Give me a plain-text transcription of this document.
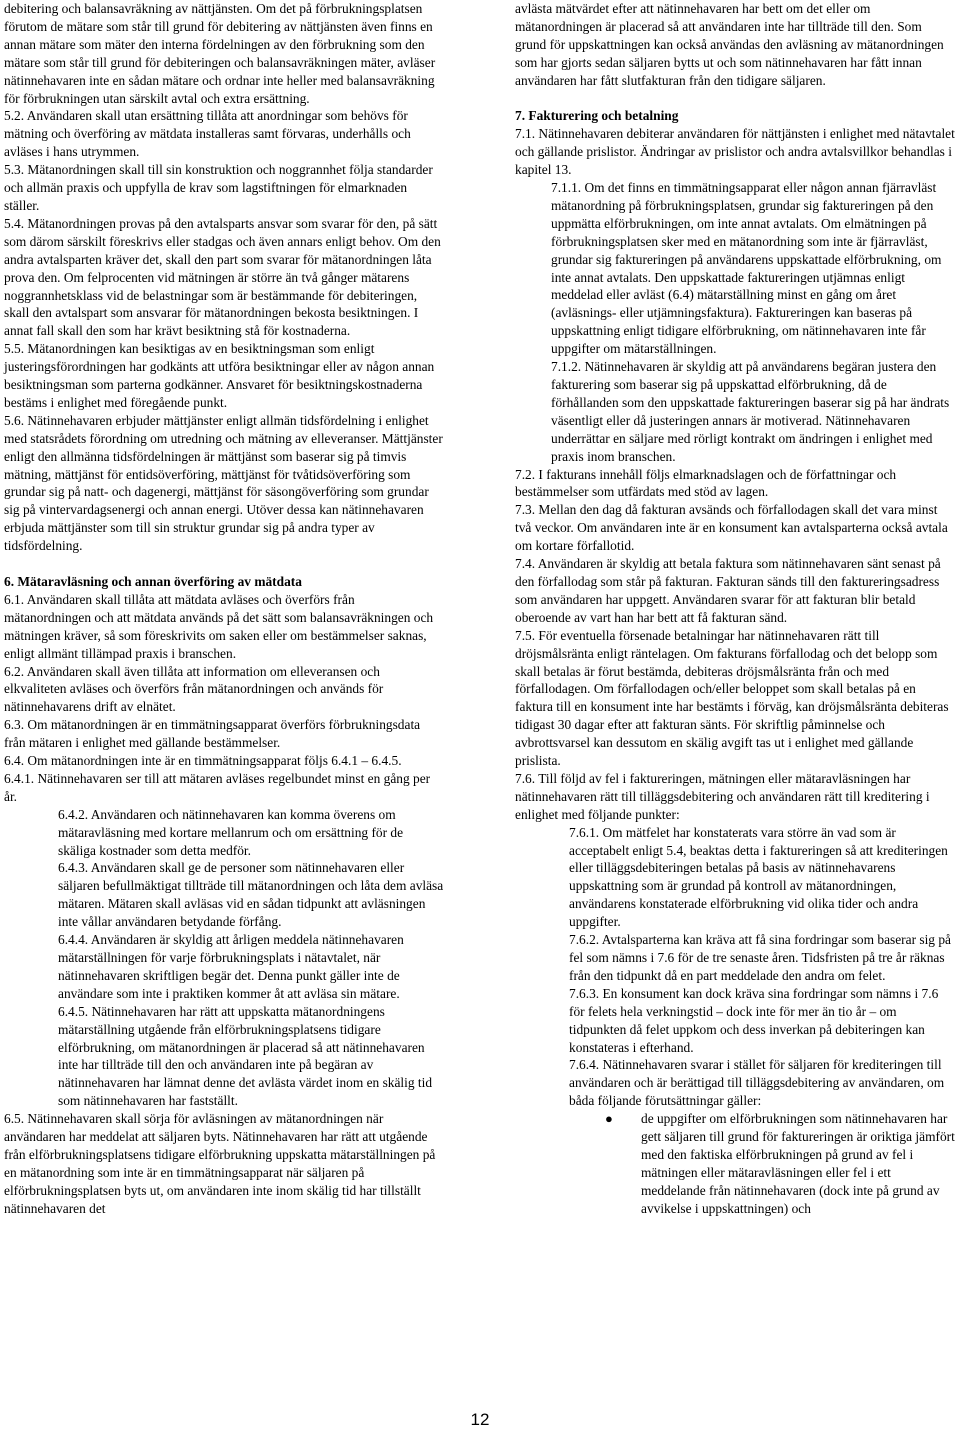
debitering och balansavräkning av nättjänsten. Om det på förbrukningsplatsen förutom de mätare som står till grund för debitering av nättjänsten även finns en annan mätare som mäter den interna fördelningen av den förbrukning som den mätare som står till grund för debiteringen och balansavräkningen mäter, avläser nätinnehavaren inte en sådan mätare och ordnar inte heller med balansavräkning för förbrukningen utan särskilt avtal och extra ersättning.

5.2. Användaren skall utan ersättning tillåta att anordningar som behövs för mätning och överföring av mätdata installeras samt förvaras, underhålls och avläses i hans utrymmen.

5.3. Mätanordningen skall till sin konstruktion och noggrannhet följa standarder och allmän praxis och uppfylla de krav som lagstiftningen för elmarknaden ställer.

5.4. Mätanordningen provas på den avtalsparts ansvar som svarar för den, på sätt som därom särskilt föreskrivs eller stadgas och även annars enligt behov. Om den andra avtalsparten kräver det, skall den part som svarar för mätanordningen låta prova den. Om felprocenten vid mätningen är större än två gånger mätarens noggrannhetsklass vid de belastningar som är bestämmande för debiteringen, skall den avtalspart som ansvarar för mätanordningen bekosta besiktningen. I annat fall skall den som har krävt besiktning stå för kostnaderna.

5.5. Mätanordningen kan besiktigas av en besiktningsman som enligt justeringsförordningen har godkänts att utföra besiktningar eller av någon annan besiktningsman som parterna godkänner. Ansvaret för besiktningskostnaderna bestäms i enlighet med föregående punkt.

5.6. Nätinnehavaren erbjuder mättjänster enligt allmän tidsfördelning i enlighet med statsrådets förordning om utredning och mätning av elleveranser. Mättjänster enligt den allmänna tidsfördelningen är mättjänst som baserar sig på timvis mätning, mättjänst för entidsöverföring, mättjänst för tvåtidsöverföring som grundar sig på natt- och dagenergi, mättjänst för säsongöverföring som grundar sig på vintervardagsenergi och annan energi. Utöver dessa kan nätinnehavaren erbjuda mättjänster som till sin struktur grundar sig på andra typer av tidsfördelning.

6. Mätaravläsning och annan överföring av mätdata

6.1. Användaren skall tillåta att mätdata avläses och överförs från mätanordningen och att mätdata används på det sätt som balansavräkningen och mätningen kräver, så som föreskrivits om saken eller om bestämmelser saknas, enligt allmänt tillämpad praxis i branschen.

6.2. Användaren skall även tillåta att information om elleveransen och elkvaliteten avläses och överförs från mätanordningen och används för nätinnehavarens drift av elnätet.

6.3. Om mätanordningen är en timmätningsapparat överförs förbrukningsdata från mätaren i enlighet med gällande bestämmelser.

6.4. Om mätanordningen inte är en timmätningsapparat följs 6.4.1 – 6.4.5.

6.4.1. Nätinnehavaren ser till att mätaren avläses regelbundet minst en gång per år.

6.4.2. Användaren och nätinnehavaren kan komma överens om mätaravläsning med kortare mellanrum och om ersättning för de skäliga kostnader som detta medför.

6.4.3. Användaren skall ge de personer som nätinnehavaren eller säljaren befullmäktigat tillträde till mätanordningen och låta dem avläsa mätaren. Mätaren skall avläsas vid en sådan tidpunkt att avläsningen inte vållar användaren betydande förfång.

6.4.4. Användaren är skyldig att årligen meddela nätinnehavaren mätarställningen för varje förbrukningsplats i nätavtalet, när nätinnehavaren skriftligen begär det. Denna punkt gäller inte de användare som inte i praktiken kommer åt att avläsa sin mätare.

6.4.5. Nätinnehavaren har rätt att uppskatta mätanordningens mätarställning utgående från elförbrukningsplatsens tidigare elförbrukning, om mätanordningen är placerad så att nätinnehavaren inte har tillträde till den och användaren inte på begäran av nätinnehavaren har lämnat denne det avlästa värdet inom en skälig tid som nätinnehavaren har fastställt.

6.5. Nätinnehavaren skall sörja för avläsningen av mätanordningen när användaren har meddelat att säljaren byts. Nätinnehavaren har rätt att utgående från elförbrukningsplatsens tidigare elförbrukning uppskatta mätarställningen på en mätanordning som inte är en timmätningsapparat när säljaren på elförbrukningsplatsen byts ut, om användaren inte inom skälig tid har tillställt nätinnehavaren det

avlästa mätvärdet efter att nätinnehavaren har bett om det eller om mätanordningen är placerad så att användaren inte har tillträde till den. Som grund för uppskattningen kan också användas den avläsning av mätanordningen som har gjorts sedan säljaren bytts ut och som nätinnehavaren har fått innan användaren har fått slutfakturan från den tidigare säljaren.

7. Fakturering och betalning

7.1. Nätinnehavaren debiterar användaren för nättjänsten i enlighet med nätavtalet och gällande prislistor. Ändringar av prislistor och andra avtalsvillkor behandlas i kapitel 13.

7.1.1. Om det finns en timmätningsapparat eller någon annan fjärravläst mätanordning på förbrukningsplatsen, grundar sig faktureringen på den uppmätta elförbrukningen, om inte annat avtalats. Om elmätningen på förbrukningsplatsen sker med en mätanordning som inte är fjärravläst, grundar sig faktureringen på användarens uppskattade elförbrukning, om inte annat avtalats. Den uppskattade faktureringen utjämnas enligt meddelad eller avläst (6.4) mätarställning minst en gång om året (avläsnings- eller utjämningsfaktura). Faktureringen kan baseras på uppskattning enligt tidigare elförbrukning, om nätinnehavaren inte får uppgifter om mätarställningen.

7.1.2. Nätinnehavaren är skyldig att på användarens begäran justera den fakturering som baserar sig på uppskattad elförbrukning, då de förhållanden som den uppskattade faktureringen baserar sig på har ändrats väsentligt eller då justeringen annars är motiverad. Nätinnehavaren underrättar en säljare med rörligt kontrakt om ändringen i enlighet med praxis inom branschen.

7.2. I fakturans innehåll följs elmarknadslagen och de författningar och bestämmelser som utfärdats med stöd av lagen.

7.3. Mellan den dag då fakturan avsänds och förfallodagen skall det vara minst två veckor. Om användaren inte är en konsument kan avtalsparterna också avtala om kortare förfallotid.

7.4. Användaren är skyldig att betala faktura som nätinnehavaren sänt senast på den förfallodag som står på fakturan. Fakturan sänds till den faktureringsadress som användaren har uppgett. Användaren svarar för att fakturan blir betald oberoende av vart han har bett att få fakturan sänd.

7.5. För eventuella försenade betalningar har nätinnehavaren rätt till dröjsmålsränta enligt räntelagen. Om fakturans förfallodag och det belopp som skall betalas är förut bestämda, debiteras dröjsmålsränta från och med förfallodagen. Om förfallodagen och/eller beloppet som skall betalas på en faktura till en konsument inte har bestämts i förväg, kan dröjsmålsränta debiteras tidigast 30 dagar efter att fakturan sänts. För skriftlig påminnelse och avbrottsvarsel kan dessutom en skälig avgift tas ut i enlighet med gällande prislista.

7.6. Till följd av fel i faktureringen, mätningen eller mätaravläsningen har nätinnehavaren rätt till tilläggsdebitering och användaren rätt till kreditering i enlighet med följande punkter:

7.6.1. Om mätfelet har konstaterats vara större än vad som är acceptabelt enligt 5.4, beaktas detta i faktureringen så att krediteringen eller tilläggsdebiteringen betalas på basis av nätinnehavarens uppskattning som är grundad på kontroll av mätanordningen, användarens konstaterade elförbrukning vid olika tider och andra uppgifter.

7.6.2. Avtalsparterna kan kräva att få sina fordringar som baserar sig på fel som nämns i 7.6 för de tre senaste åren. Tidsfristen på tre år räknas från den tidpunkt då en part meddelade den andra om felet.

7.6.3. En konsument kan dock kräva sina fordringar som nämns i 7.6 för felets hela verkningstid – dock inte för mer än tio år – om tidpunkten då felet uppkom och dess inverkan på debiteringen kan konstateras i efterhand.

7.6.4. Nätinnehavaren svarar i stället för säljaren för krediteringen till användaren och är berättigad till tilläggsdebitering av användaren, om båda följande förutsättningar gäller:

●	de uppgifter om elförbrukningen som nätinnehavaren har gett säljaren till grund för faktureringen är oriktiga jämfört med den faktiska elförbrukningen på grund av fel i mätningen eller mätaravläsningen eller fel i ett meddelande från nätinnehavaren (dock inte på grund av avvikelse i uppskattningen) och

12
